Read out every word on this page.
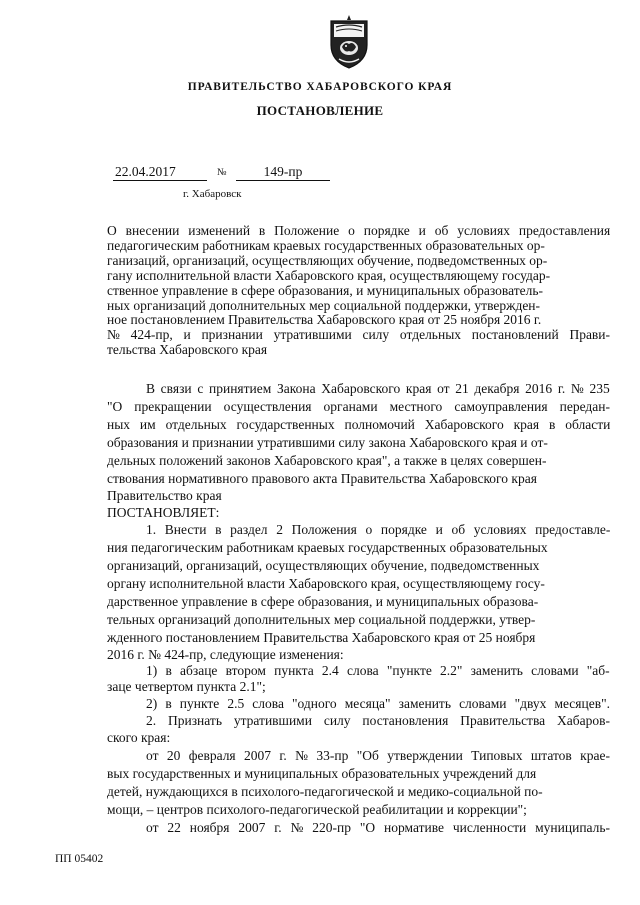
ПРАВИТЕЛЬСТВО ХАБАРОВСКОГО КРАЯ
ПОСТАНОВЛЕНИЕ
22.04.2017	№	149-пр
г. Хабаровск
О внесении изменений в Положение о порядке и об условиях предоставления
педагогическим работникам краевых государственных образовательных ор-
ганизаций, организаций, осуществляющих обучение, подведомственных ор-
гану исполнительной власти Хабаровского края, осуществляющему государ-
ственное управление в сфере образования, и муниципальных образователь-
ных организаций дополнительных мер социальной поддержки, утвержден-
ное постановлением Правительства Хабаровского края от 25 ноября 2016 г.
№ 424-пр, и признании утратившими силу отдельных постановлений Прави-
тельства Хабаровского края
В связи с принятием Закона Хабаровского края от 21 декабря 2016 г. № 235
"О прекращении осуществления органами местного самоуправления передан-
ных им отдельных государственных полномочий Хабаровского края в области
образования и признании утратившими силу закона Хабаровского края и от-
дельных положений законов Хабаровского края", а также в целях совершен-
ствования нормативного правового акта Правительства Хабаровского края
Правительство края
ПОСТАНОВЛЯЕТ:
1. Внести в раздел 2 Положения о порядке и об условиях предоставле-
ния педагогическим работникам краевых государственных образовательных
организаций, организаций, осуществляющих обучение, подведомственных
органу исполнительной власти Хабаровского края, осуществляющему госу-
дарственное управление в сфере образования, и муниципальных образова-
тельных организаций дополнительных мер социальной поддержки, утвер-
жденного постановлением Правительства Хабаровского края от 25 ноября
2016 г. № 424-пр, следующие изменения:
1) в абзаце втором пункта 2.4 слова "пункте 2.2" заменить словами "аб-
заце четвертом пункта 2.1";
2) в пункте 2.5 слова "одного месяца" заменить словами "двух месяцев".
2. Признать утратившими силу постановления Правительства Хабаров-
ского края:
от 20 февраля 2007 г. № 33-пр "Об утверждении Типовых штатов крае-
вых государственных и муниципальных образовательных учреждений для
детей, нуждающихся в психолого-педагогической и медико-социальной по-
мощи, – центров психолого-педагогической реабилитации и коррекции";
от 22 ноября 2007 г. № 220-пр "О нормативе численности муниципаль-
ПП 05402
